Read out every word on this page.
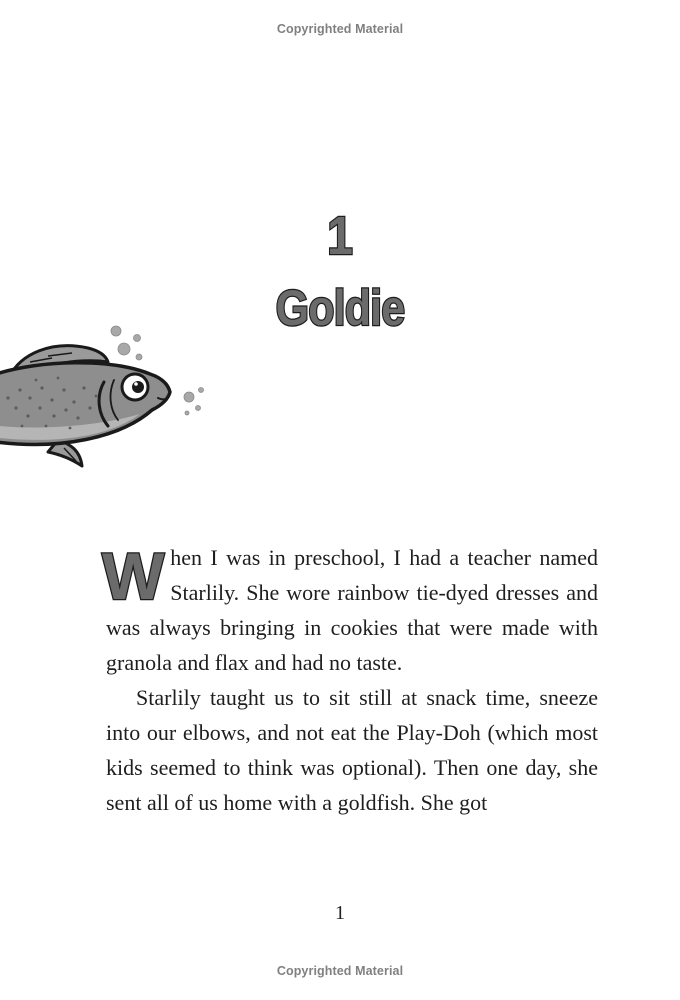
Copyrighted Material
1
Goldie

When I was in preschool, I had a teacher named Starlily. She wore rainbow tie-dyed dresses and was always bringing in cookies that were made with granola and flax and had no taste.

Starlily taught us to sit still at snack time, sneeze into our elbows, and not eat the Play-Doh (which most kids seemed to think was optional). Then one day, she sent all of us home with a goldfish. She got

1
Copyrighted Material
